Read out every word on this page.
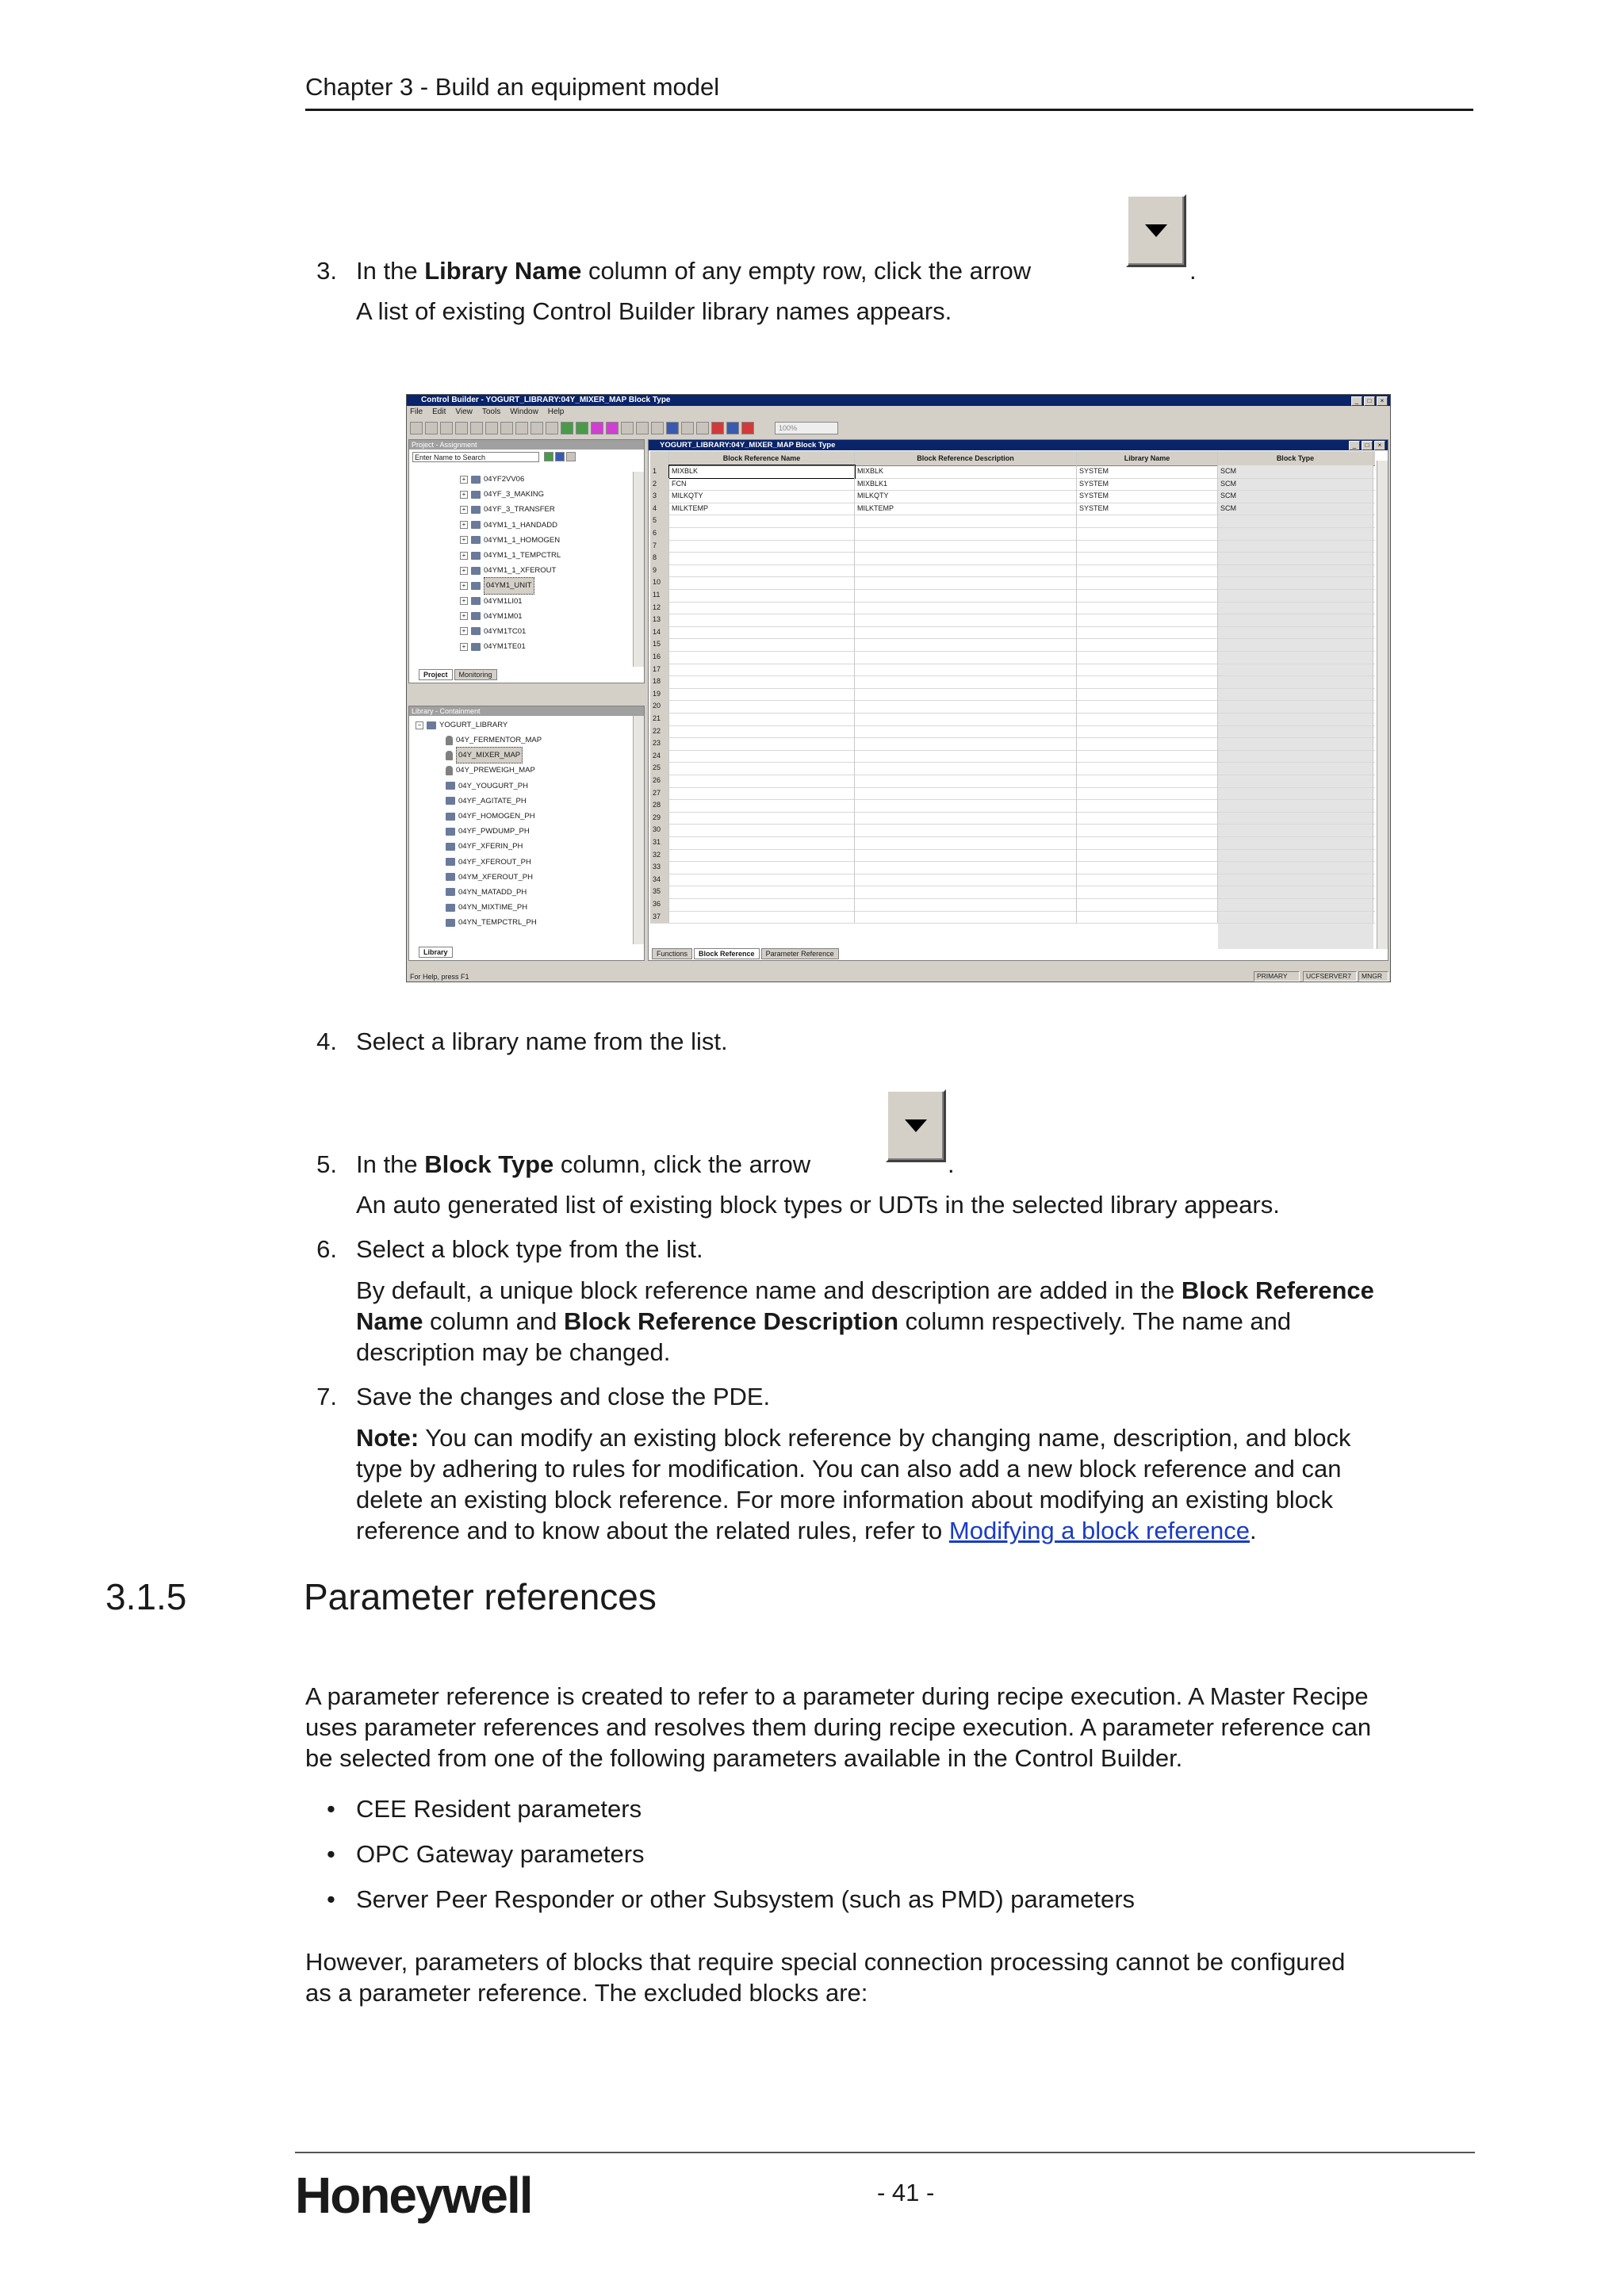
Chapter 3 - Build an equipment model
3. In the Library Name column of any empty row, click the arrow	.
A list of existing Control Builder library names appears.
Control Builder - YOGURT_LIBRARY:04Y_MIXER_MAP Block Type	_	□	×
File Edit View Tools Window Help
100%
Project - Assignment
Enter Name to Search
+ 04YF2VV06
+ 04YF_3_MAKING
+ 04YF_3_TRANSFER
+ 04YM1_1_HANDADD
+ 04YM1_1_HOMOGEN
+ 04YM1_1_TEMPCTRL
+ 04YM1_1_XFEROUT
+	04YM1_UNIT
+ 04YM1LI01
+ 04YM1M01
+ 04YM1TC01
+ 04YM1TE01
Project	Monitoring
Library - Containment
− YOGURT_LIBRARY
04Y_FERMENTOR_MAP
04Y_MIXER_MAP
04Y_PREWEIGH_MAP
04Y_YOUGURT_PH
04YF_AGITATE_PH
04YF_HOMOGEN_PH
04YF_PWDUMP_PH
04YF_XFERIN_PH
04YF_XFEROUT_PH
04YM_XFEROUT_PH
04YN_MATADD_PH
04YN_MIXTIME_PH
04YN_TEMPCTRL_PH
Library
YOGURT_LIBRARY:04Y_MIXER_MAP Block Type	_	□	×
Block Reference Name	Block Reference Description	Library Name	Block Type
1	MIXBLK	MIXBLK	SYSTEM	SCM
2	FCN	MIXBLK1	SYSTEM	SCM
3	MILKQTY	MILKQTY	SYSTEM	SCM
4	MILKTEMP	MILKTEMP	SYSTEM	SCM
5
6
7
8
9
10
11
12
13
14
15
16
17
18
19
20
21
22
23
24
25
26
27
28
29
30
31
32
33
34
35
36
37
Functions	Block Reference	Parameter Reference
For Help, press F1	PRIMARY	UCFSERVER7	MNGR
4. Select a library name from the list.
5. In the Block Type column, click the arrow	.
An auto generated list of existing block types or UDTs in the selected library appears.
6. Select a block type from the list.
By default, a unique block reference name and description are added in the Block Reference
Name column and Block Reference Description column respectively. The name and
description may be changed.
7. Save the changes and close the PDE.
Note: You can modify an existing block reference by changing name, description, and block
type by adhering to rules for modification. You can also add a new block reference and can
delete an existing block reference. For more information about modifying an existing block
reference and to know about the related rules, refer to Modifying a block reference.
3.1.5	Parameter references
A parameter reference is created to refer to a parameter during recipe execution. A Master Recipe
uses parameter references and resolves them during recipe execution. A parameter reference can
be selected from one of the following parameters available in the Control Builder.
• CEE Resident parameters
• OPC Gateway parameters
• Server Peer Responder or other Subsystem (such as PMD) parameters
However, parameters of blocks that require special connection processing cannot be configured
as a parameter reference. The excluded blocks are:
Honeywell	- 41 -
